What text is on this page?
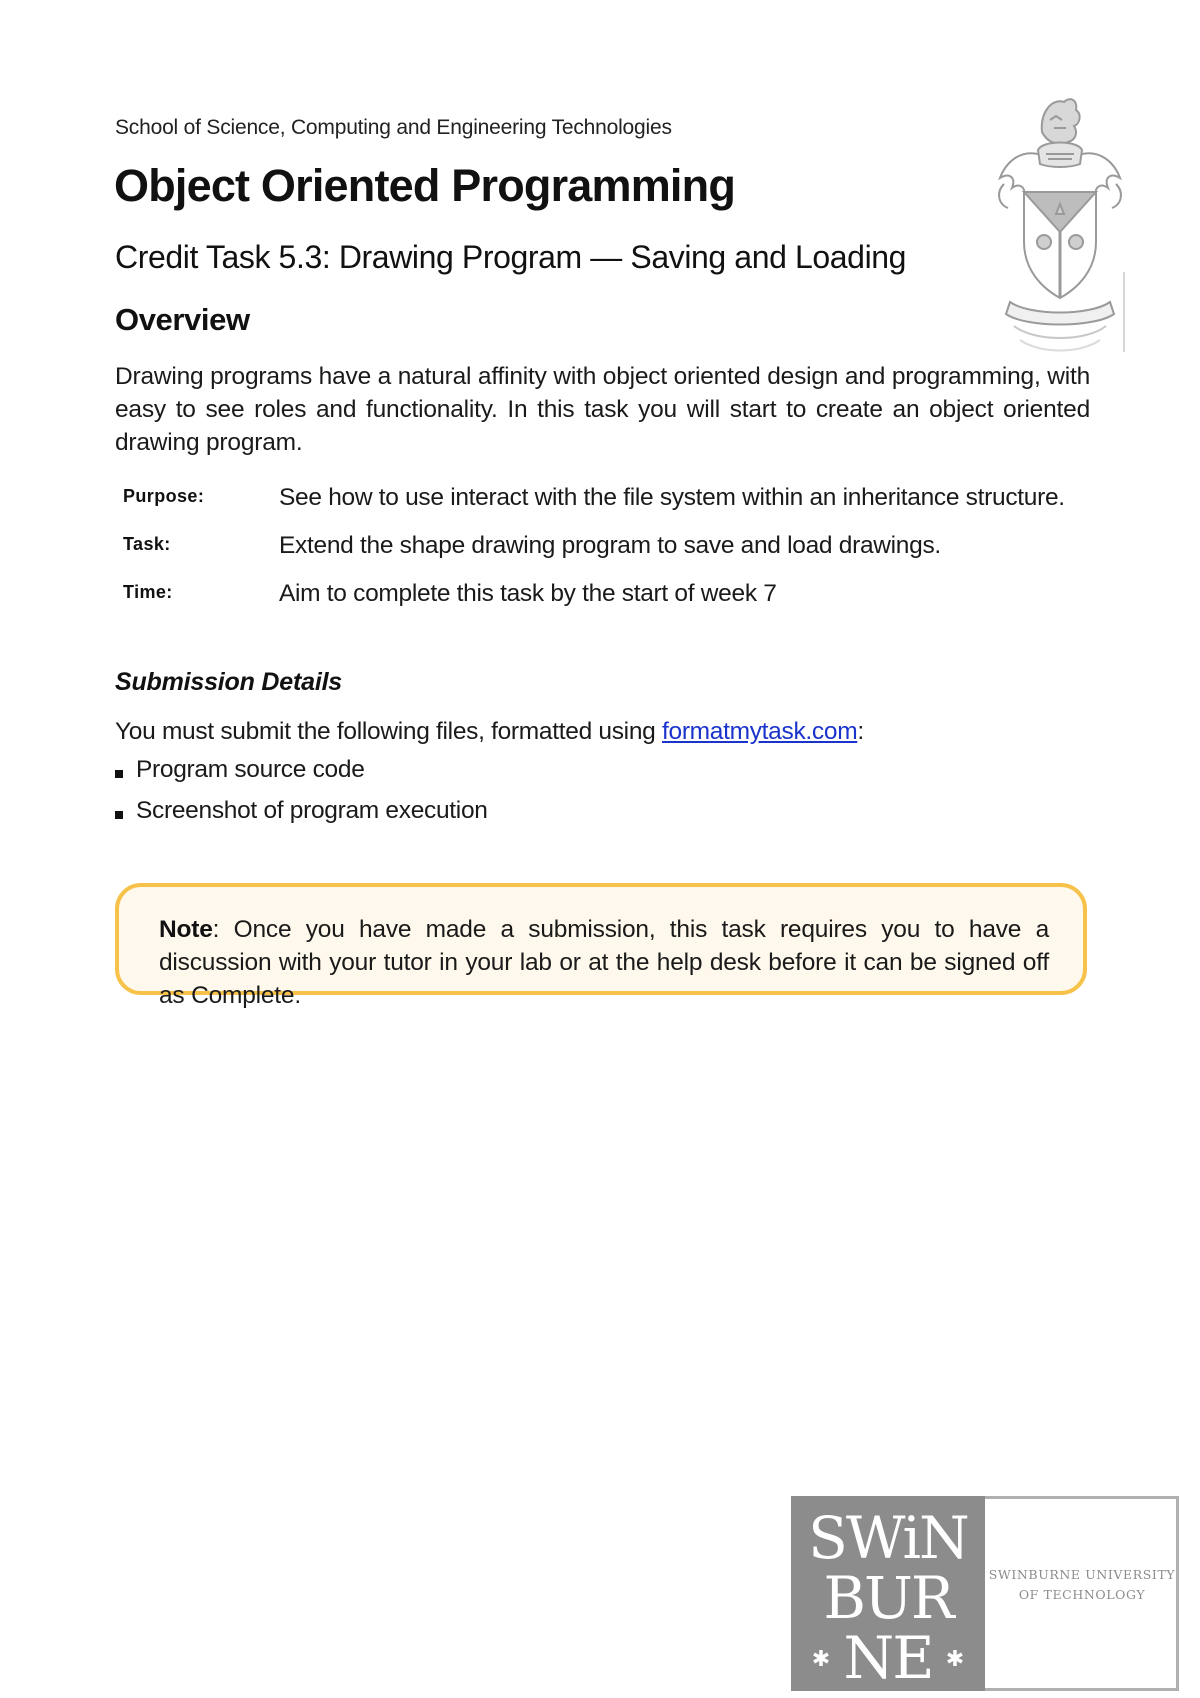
School of Science, Computing and Engineering Technologies
Object Oriented Programming
Credit Task 5.3: Drawing Program — Saving and Loading
Overview

Drawing programs have a natural affinity with object oriented design and programming, with easy to see roles and functionality. In this task you will start to create an object oriented drawing program.

Purpose:	See how to use interact with the file system within an inheritance structure.
Task:	Extend the shape drawing program to save and load drawings.
Time:	Aim to complete this task by the start of week 7
Submission Details
You must submit the following files, formatted using formatmytask.com:
Program source code
Screenshot of program execution
Note: Once you have made a submission, this task requires you to have a discussion with your tutor in your lab or at the help desk before it can be signed off as Complete.
SWiN
BUR
NE
✱	✱
SWINBURNE UNIVERSITY
OF TECHNOLOGY
